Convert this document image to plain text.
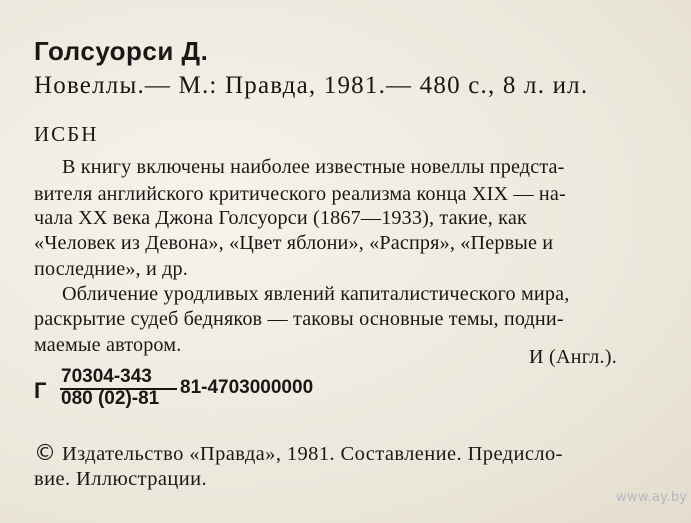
Голсуорси Д.
Новеллы.— М.: Правда, 1981.— 480 с., 8 л. ил.
ИСБН
В книгу включены наиболее известные новеллы предста-
вителя английского критического реализма конца XIX — на-
чала XX века Джона Голсуорси (1867—1933), такие, как
«Человек из Девона», «Цвет яблони», «Распря», «Первые и
последние», и др.
Обличение уродливых явлений капиталистического мира,
раскрытие судеб бедняков — таковы основные темы, подни-
маемые автором.
И (Англ.).
Г
70304-343
080 (02)-81
81-4703000000
© Издательство «Правда», 1981. Составление. Предисло-
вие. Иллюстрации.
www.ay.by
